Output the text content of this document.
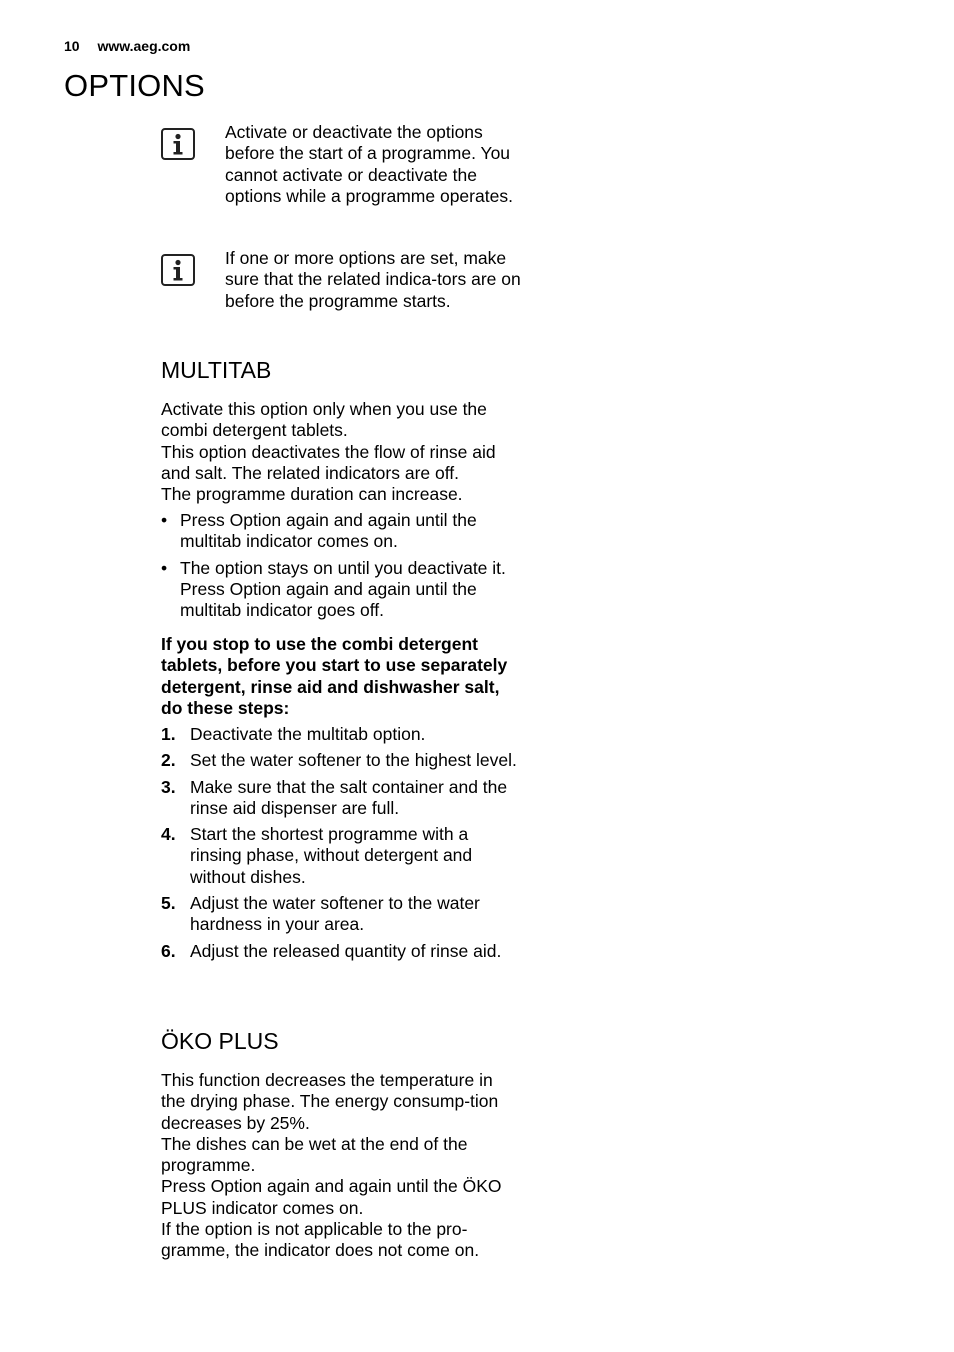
10 www.aeg.com
OPTIONS
Activate or deactivate the options before the start of a programme. You cannot activate or deactivate the options while a programme operates.
If one or more options are set, make sure that the related indica-tors are on before the programme starts.
MULTITAB

Activate this option only when you use the combi detergent tablets.

This option deactivates the flow of rinse aid and salt. The related indicators are off.

The programme duration can increase.

• Press Option again and again until the multitab indicator comes on.
• The option stays on until you deactivate it. Press Option again and again until the multitab indicator goes off.

If you stop to use the combi detergent tablets, before you start to use separately detergent, rinse aid and dishwasher salt, do these steps:

1. Deactivate the multitab option.
2. Set the water softener to the highest level.
3. Make sure that the salt container and the rinse aid dispenser are full.
4. Start the shortest programme with a rinsing phase, without detergent and without dishes.
5. Adjust the water softener to the water hardness in your area.
6. Adjust the released quantity of rinse aid.
ÖKO PLUS

This function decreases the temperature in the drying phase. The energy consump-tion decreases by 25%.

The dishes can be wet at the end of the programme.

Press Option again and again until the ÖKO PLUS indicator comes on.

If the option is not applicable to the pro-gramme, the indicator does not come on.
